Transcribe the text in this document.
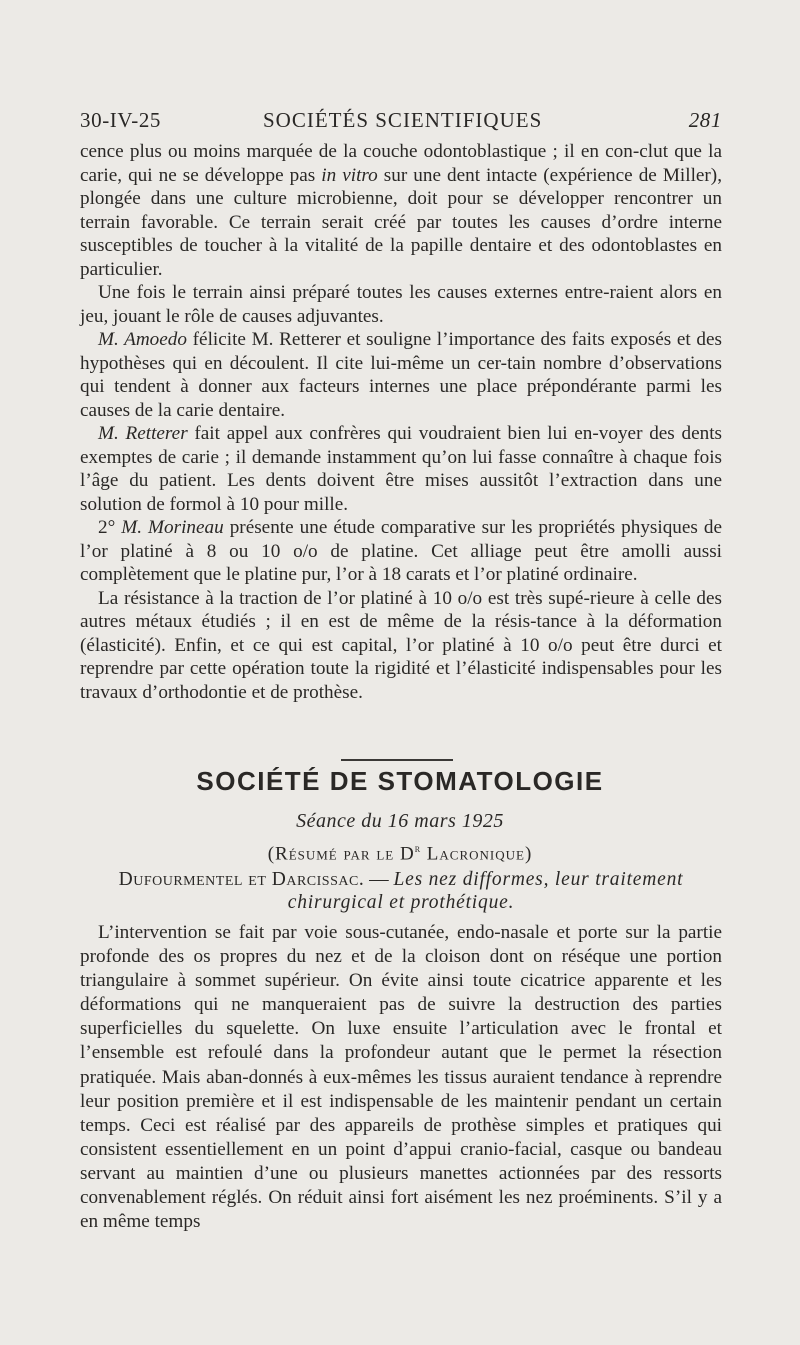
30-IV-25	SOCIÉTÉS SCIENTIFIQUES	281

cence plus ou moins marquée de la couche odontoblastique ; il en con-clut que la carie, qui ne se développe pas in vitro sur une dent intacte (expérience de Miller), plongée dans une culture microbienne, doit pour se développer rencontrer un terrain favorable. Ce terrain serait créé par toutes les causes d’ordre interne susceptibles de toucher à la vitalité de la papille dentaire et des odontoblastes en particulier.

Une fois le terrain ainsi préparé toutes les causes externes entre-raient alors en jeu, jouant le rôle de causes adjuvantes.

M. Amoedo félicite M. Retterer et souligne l’importance des faits exposés et des hypothèses qui en découlent. Il cite lui-même un cer-tain nombre d’observations qui tendent à donner aux facteurs internes une place prépondérante parmi les causes de la carie dentaire.

M. Retterer fait appel aux confrères qui voudraient bien lui en-voyer des dents exemptes de carie ; il demande instamment qu’on lui fasse connaître à chaque fois l’âge du patient. Les dents doivent être mises aussitôt l’extraction dans une solution de formol à 10 pour mille.

2° M. Morineau présente une étude comparative sur les propriétés physiques de l’or platiné à 8 ou 10 o/o de platine. Cet alliage peut être amolli aussi complètement que le platine pur, l’or à 18 carats et l’or platiné ordinaire.

La résistance à la traction de l’or platiné à 10 o/o est très supé-rieure à celle des autres métaux étudiés ; il en est de même de la résis-tance à la déformation (élasticité). Enfin, et ce qui est capital, l’or platiné à 10 o/o peut être durci et reprendre par cette opération toute la rigidité et l’élasticité indispensables pour les travaux d’orthodontie et de prothèse.

SOCIÉTÉ DE STOMATOLOGIE
Séance du 16 mars 1925
(Résumé par le $D^r$ Lacronique)
Dufourmentel et Darcissac. — Les nez difformes, leur traitement chirurgical et prothétique.

L’intervention se fait par voie sous-cutanée, endo-nasale et porte sur la partie profonde des os propres du nez et de la cloison dont on réséque une portion triangulaire à sommet supérieur. On évite ainsi toute cicatrice apparente et les déformations qui ne manqueraient pas de suivre la destruction des parties superficielles du squelette. On luxe ensuite l’articulation avec le frontal et l’ensemble est refoulé dans la profondeur autant que le permet la résection pratiquée. Mais aban-donnés à eux-mêmes les tissus auraient tendance à reprendre leur position première et il est indispensable de les maintenir pendant un certain temps. Ceci est réalisé par des appareils de prothèse simples et pratiques qui consistent essentiellement en un point d’appui cranio-facial, casque ou bandeau servant au maintien d’une ou plusieurs manettes actionnées par des ressorts convenablement réglés. On réduit ainsi fort aisément les nez proéminents. S’il y a en même temps
